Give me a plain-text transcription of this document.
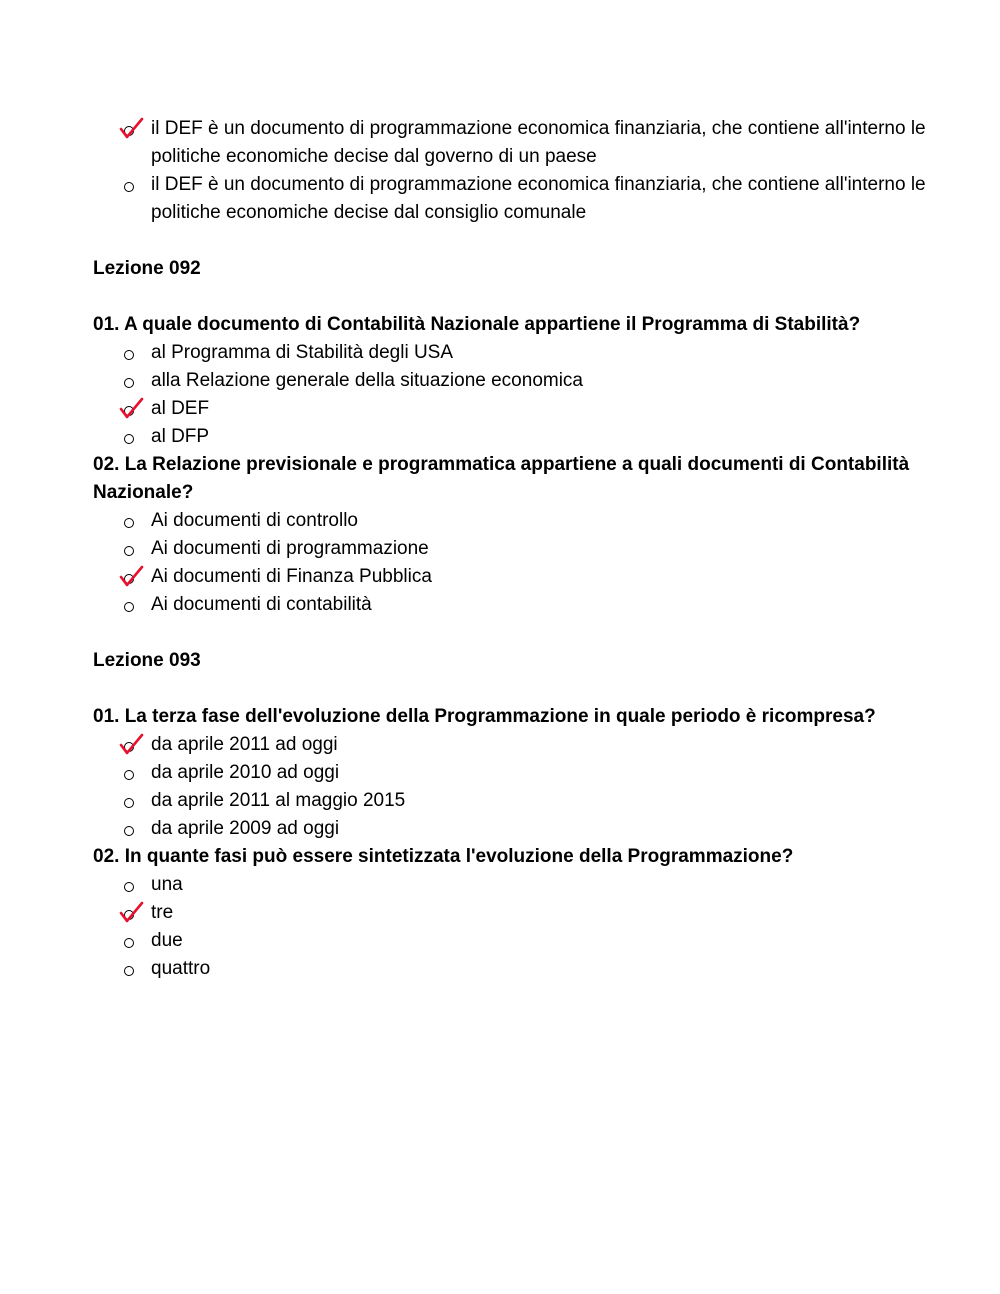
il DEF è un documento di programmazione economica finanziaria, che contiene all'interno le politiche economiche decise dal governo di un paese
il DEF è un documento di programmazione economica finanziaria, che contiene all'interno le politiche economiche decise dal consiglio comunale
Lezione 092
01. A quale documento di Contabilità Nazionale appartiene il Programma di Stabilità?
al Programma di Stabilità degli USA
alla Relazione generale della situazione economica
al DEF
al DFP
02. La Relazione previsionale e programmatica appartiene a quali documenti di Contabilità Nazionale?
Ai documenti di controllo
Ai documenti di programmazione
Ai documenti di Finanza Pubblica
Ai documenti di contabilità
Lezione 093
01. La terza fase dell'evoluzione della Programmazione in quale periodo è ricompresa?
da aprile 2011 ad oggi
da aprile 2010 ad oggi
da aprile 2011 al maggio 2015
da aprile 2009 ad oggi
02. In quante fasi può essere sintetizzata l'evoluzione della Programmazione?
una
tre
due
quattro
